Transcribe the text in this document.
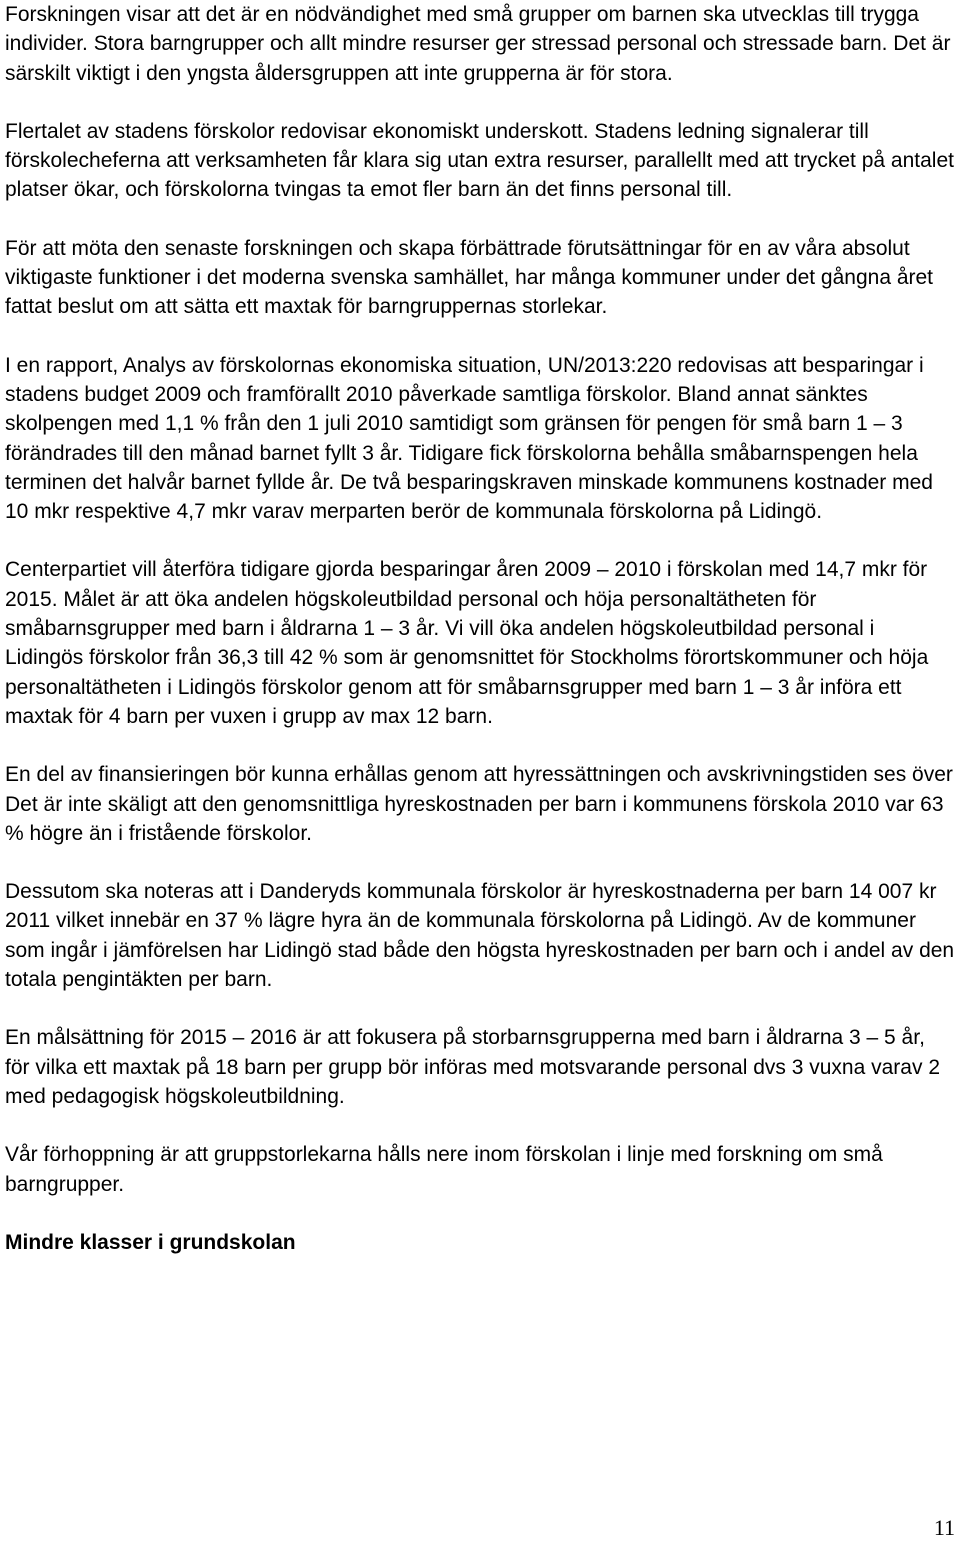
Forskningen visar att det är en nödvändighet med små grupper om barnen ska utvecklas till trygga individer. Stora barngrupper och allt mindre resurser ger stressad personal och stressade barn. Det är särskilt viktigt i den yngsta åldersgruppen att inte grupperna är för stora.

Flertalet av stadens förskolor redovisar ekonomiskt underskott. Stadens ledning signalerar till förskolecheferna att verksamheten får klara sig utan extra resurser, parallellt med att trycket på antalet platser ökar, och förskolorna tvingas ta emot fler barn än det finns personal till.

För att möta den senaste forskningen och skapa förbättrade förutsättningar för en av våra absolut viktigaste funktioner i det moderna svenska samhället, har många kommuner under det gångna året fattat beslut om att sätta ett maxtak för barngruppernas storlekar.

I en rapport, Analys av förskolornas ekonomiska situation, UN/2013:220 redovisas att besparingar i stadens budget 2009 och framförallt 2010 påverkade samtliga förskolor. Bland annat sänktes skolpengen med 1,1 % från den 1 juli 2010 samtidigt som gränsen för pengen för små barn 1 – 3 förändrades till den månad barnet fyllt 3 år. Tidigare fick förskolorna behålla småbarnspengen hela terminen det halvår barnet fyllde år. De två besparingskraven minskade kommunens kostnader med 10 mkr respektive 4,7 mkr varav merparten berör de kommunala förskolorna på Lidingö.

Centerpartiet vill återföra tidigare gjorda besparingar åren 2009 – 2010 i förskolan med 14,7 mkr för 2015. Målet är att öka andelen högskoleutbildad personal och höja personaltätheten för småbarnsgrupper med barn i åldrarna 1 – 3 år. Vi vill öka andelen högskoleutbildad personal i Lidingös förskolor från 36,3 till 42 % som är genomsnittet för Stockholms förortskommuner och höja personaltätheten i Lidingös förskolor genom att för småbarnsgrupper med barn 1 – 3 år införa ett maxtak för 4 barn per vuxen i grupp av max 12 barn.

En del av finansieringen bör kunna erhållas genom att hyressättningen och avskrivningstiden ses över Det är inte skäligt att den genomsnittliga hyreskostnaden per barn i kommunens förskola 2010 var 63 % högre än i fristående förskolor.

Dessutom ska noteras att i Danderyds kommunala förskolor är hyreskostnaderna per barn 14 007 kr 2011 vilket innebär en 37 % lägre hyra än de kommunala förskolorna på Lidingö. Av de kommuner som ingår i jämförelsen har Lidingö stad både den högsta hyreskostnaden per barn och i andel av den totala pengintäkten per barn.

En målsättning för 2015 – 2016 är att fokusera på storbarnsgrupperna med barn i åldrarna 3 – 5 år, för vilka ett maxtak på 18 barn per grupp bör införas med motsvarande personal dvs 3 vuxna varav 2 med pedagogisk högskoleutbildning.

Vår förhoppning är att gruppstorlekarna hålls nere inom förskolan i linje med forskning om små barngrupper.

Mindre klasser i grundskolan

11
